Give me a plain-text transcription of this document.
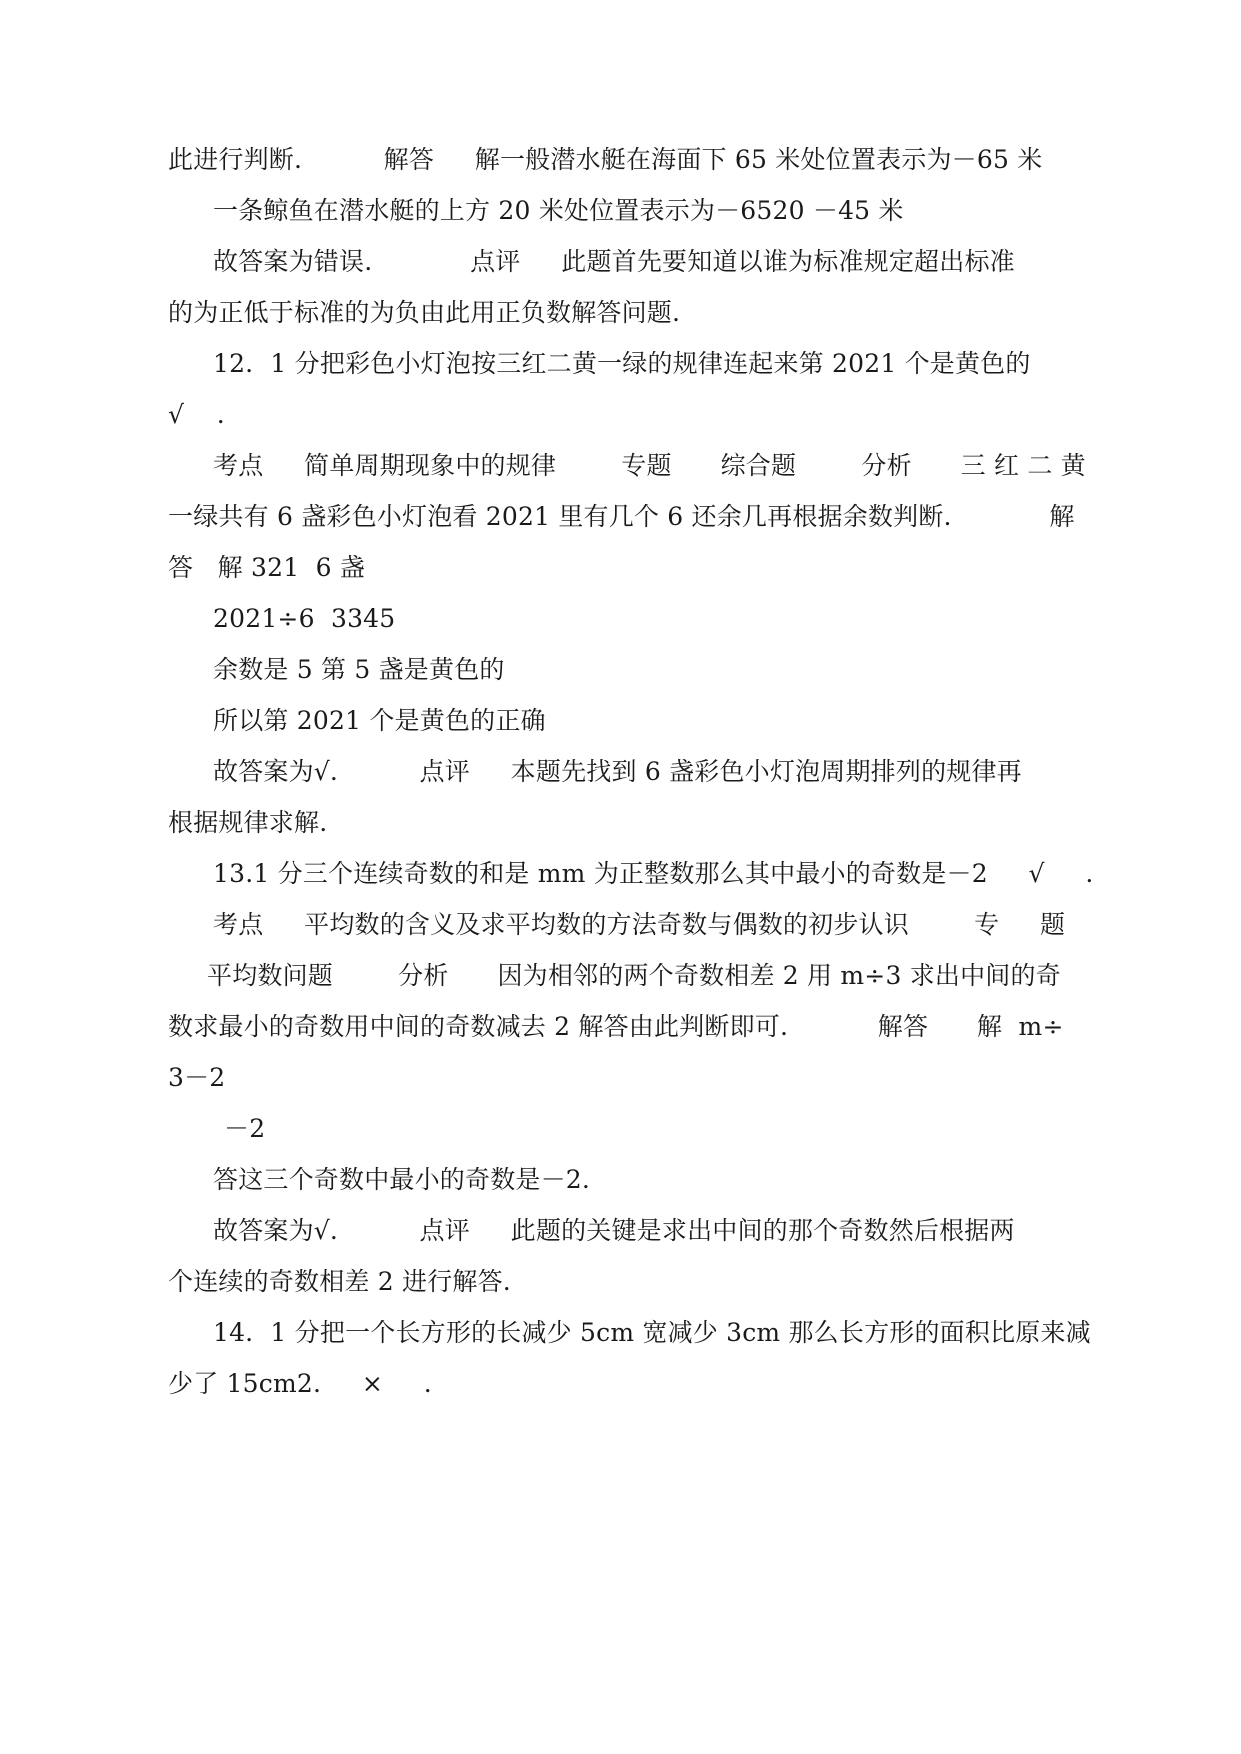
此进行判断.          解答     解一般潜水艇在海面下 65 米处位置表示为－65 米
一条鲸鱼在潜水艇的上方 20 米处位置表示为－6520 －45 米
故答案为错误.            点评     此题首先要知道以谁为标准规定超出标准
的为正低于标准的为负由此用正负数解答问题.
12．1 分把彩色小灯泡按三红二黄一绿的规律连起来第 2021 个是黄色的
√    .
考点     简单周期现象中的规律        专题      综合题        分析      三 红 二 黄
一绿共有 6 盏彩色小灯泡看 2021 里有几个 6 还余几再根据余数判断.            解
答   解 321  6 盏
2021÷6  3345
余数是 5 第 5 盏是黄色的
所以第 2021 个是黄色的正确
故答案为√.          点评     本题先找到 6 盏彩色小灯泡周期排列的规律再
根据规律求解.
13.1 分三个连续奇数的和是 mm 为正整数那么其中最小的奇数是－2     √     .
考点     平均数的含义及求平均数的方法奇数与偶数的初步认识        专     题
平均数问题        分析      因为相邻的两个奇数相差 2 用 m÷3 求出中间的奇
数求最小的奇数用中间的奇数减去 2 解答由此判断即可.           解答      解  m÷
3－2
－2
答这三个奇数中最小的奇数是－2.
故答案为√.          点评     此题的关键是求出中间的那个奇数然后根据两
个连续的奇数相差 2 进行解答.
14．1 分把一个长方形的长减少 5cm 宽减少 3cm 那么长方形的面积比原来减
少了 15cm2.     ×     .
